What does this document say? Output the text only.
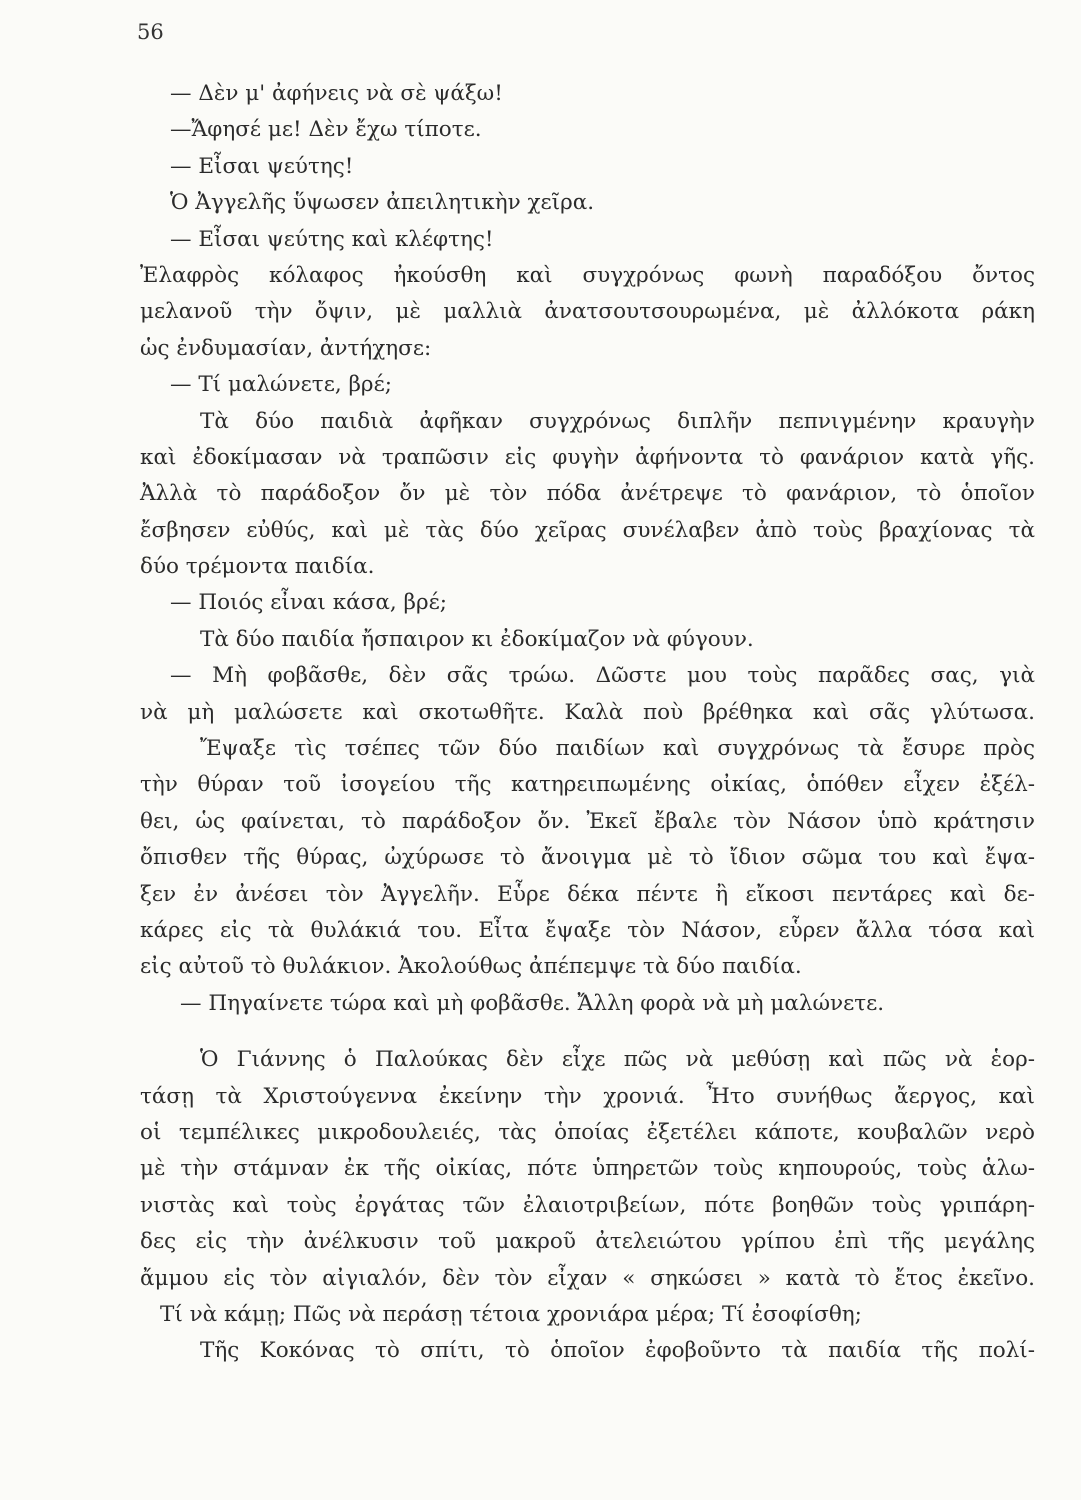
56
— Δὲν μ' ἀφήνεις νὰ σὲ ψάξω!
—Ἄφησέ με! Δὲν ἔχω τίποτε.
— Εἶσαι ψεύτης!
Ὁ Ἀγγελῆς ὕψωσεν ἀπειλητικὴν χεῖρα.
— Εἶσαι ψεύτης καὶ κλέφτης!
Ἐλαφρὸς κόλαφος ἠκούσθη καὶ συγχρόνως φωνὴ παραδόξου ὄντος
μελανοῦ τὴν ὄψιν, μὲ μαλλιὰ ἀνατσουτσουρωμένα, μὲ ἀλλόκοτα ράκη
ὡς ἐνδυμασίαν, ἀντήχησε:
— Τί μαλώνετε, βρέ;
Τὰ δύο παιδιὰ ἀφῆκαν συγχρόνως διπλῆν πεπνιγμένην κραυγὴν
καὶ ἐδοκίμασαν νὰ τραπῶσιν εἰς φυγὴν ἀφήνοντα τὸ φανάριον κατὰ γῆς.
Ἀλλὰ τὸ παράδοξον ὄν μὲ τὸν πόδα ἀνέτρεψε τὸ φανάριον, τὸ ὁποῖον
ἔσβησεν εὐθύς, καὶ μὲ τὰς δύο χεῖρας συνέλαβεν ἀπὸ τοὺς βραχίονας τὰ
δύο τρέμοντα παιδία.
— Ποιός εἶναι κάσα, βρέ;
Τὰ δύο παιδία ἤσπαιρον κι ἐδοκίμαζον νὰ φύγουν.
— Μὴ φοβᾶσθε, δὲν σᾶς τρώω. Δῶστε μου τοὺς παρᾶδες σας, γιὰ
νὰ μὴ μαλώσετε καὶ σκοτωθῆτε. Καλὰ ποὺ βρέθηκα καὶ σᾶς γλύτωσα.
Ἔψαξε τὶς τσέπες τῶν δύο παιδίων καὶ συγχρόνως τὰ ἔσυρε πρὸς
τὴν θύραν τοῦ ἰσογείου τῆς κατηρειπωμένης οἰκίας, ὁπόθεν εἶχεν ἐξέλ-
θει, ὡς φαίνεται, τὸ παράδοξον ὄν. Ἐκεῖ ἔβαλε τὸν Νάσον ὑπὸ κράτησιν
ὄπισθεν τῆς θύρας, ὠχύρωσε τὸ ἄνοιγμα μὲ τὸ ἴδιον σῶμα του καὶ ἔψα-
ξεν ἐν ἀνέσει τὸν Ἀγγελῆν. Εὗρε δέκα πέντε ἢ εἴκοσι πεντάρες καὶ δε-
κάρες εἰς τὰ θυλάκιά του. Εἶτα ἔψαξε τὸν Νάσον, εὗρεν ἄλλα τόσα καὶ
εἰς αὐτοῦ τὸ θυλάκιον. Ἀκολούθως ἀπέπεμψε τὰ δύο παιδία.
— Πηγαίνετε τώρα καὶ μὴ φοβᾶσθε. Ἄλλη φορὰ νὰ μὴ μαλώνετε.
Ὁ Γιάννης ὁ Παλούκας δὲν εἶχε πῶς νὰ μεθύσῃ καὶ πῶς νὰ ἑορ-
τάσῃ τὰ Χριστούγεννα ἐκείνην τὴν χρονιά. Ἦτο συνήθως ἄεργος, καὶ
οἱ τεμπέλικες μικροδουλειές, τὰς ὁποίας ἐξετέλει κάποτε, κουβαλῶν νερὸ
μὲ τὴν στάμναν ἐκ τῆς οἰκίας, πότε ὑπηρετῶν τοὺς κηπουρούς, τοὺς ἁλω-
νιστὰς καὶ τοὺς ἐργάτας τῶν ἐλαιοτριβείων, πότε βοηθῶν τοὺς γριπάρη-
δες εἰς τὴν ἀνέλκυσιν τοῦ μακροῦ ἀτελειώτου γρίπου ἐπὶ τῆς μεγάλης
ἄμμου εἰς τὸν αἰγιαλόν, δὲν τὸν εἶχαν « σηκώσει » κατὰ τὸ ἔτος ἐκεῖνο.
Τί νὰ κάμῃ; Πῶς νὰ περάσῃ τέτοια χρονιάρα μέρα; Τί ἐσοφίσθη;
Τῆς Κοκόνας τὸ σπίτι, τὸ ὁποῖον ἐφοβοῦντο τὰ παιδία τῆς πολί-
